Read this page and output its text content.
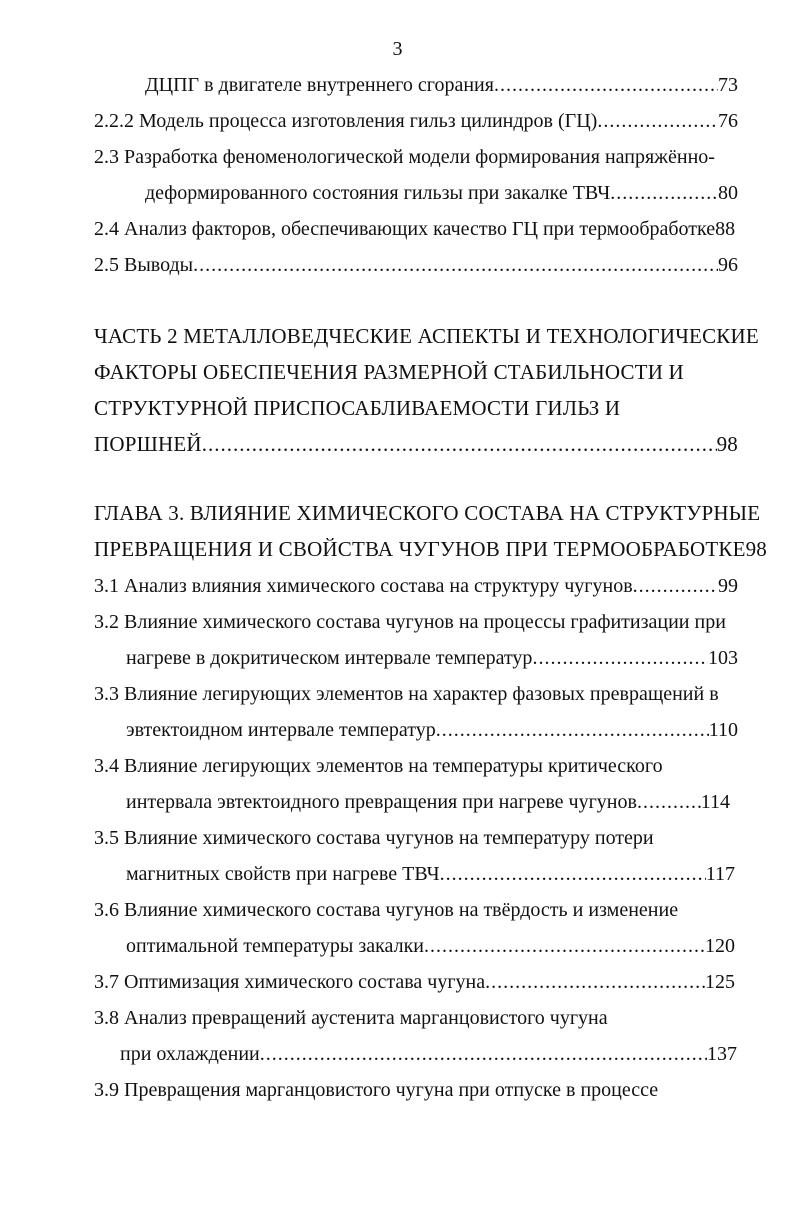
3
ДЦПГ в двигателе внутреннего сгорания .....	73
2.2.2 Модель процесса изготовления гильз цилиндров (ГЦ) .....	76
2.3 Разработка феноменологической модели формирования напряжённо-
деформированного состояния гильзы при закалке ТВЧ .....	80
2.4 Анализ факторов, обеспечивающих качество ГЦ при термообработке 88
2.5 Выводы .....	96
ЧАСТЬ 2 МЕТАЛЛОВЕДЧЕСКИЕ АСПЕКТЫ И ТЕХНОЛОГИЧЕСКИЕ
ФАКТОРЫ ОБЕСПЕЧЕНИЯ РАЗМЕРНОЙ СТАБИЛЬНОСТИ И
СТРУКТУРНОЙ ПРИСПОСАБЛИВАЕМОСТИ ГИЛЬЗ И
ПОРШНЕЙ .....	98
ГЛАВА 3. ВЛИЯНИЕ ХИМИЧЕСКОГО СОСТАВА НА СТРУКТУРНЫЕ
ПРЕВРАЩЕНИЯ И СВОЙСТВА ЧУГУНОВ ПРИ ТЕРМООБРАБОТКЕ 98
3.1 Анализ влияния химического состава на структуру чугунов .....	99
3.2 Влияние химического состава чугунов на процессы графитизации при
нагреве в докритическом интервале температур .....	103
3.3 Влияние легирующих элементов на характер фазовых превращений в
эвтектоидном интервале температур .....	110
3.4 Влияние легирующих элементов на температуры критического
интервала эвтектоидного превращения при нагреве чугунов .....	114
3.5 Влияние химического состава чугунов на температуру потери
магнитных свойств при нагреве ТВЧ .....	117
3.6 Влияние химического состава чугунов на твёрдость и изменение
оптимальной температуры закалки .....	120
3.7 Оптимизация химического состава чугуна .....	125
3.8 Анализ превращений аустенита марганцовистого чугуна
при охлаждении .....	137
3.9 Превращения марганцовистого чугуна при отпуске в процессе
